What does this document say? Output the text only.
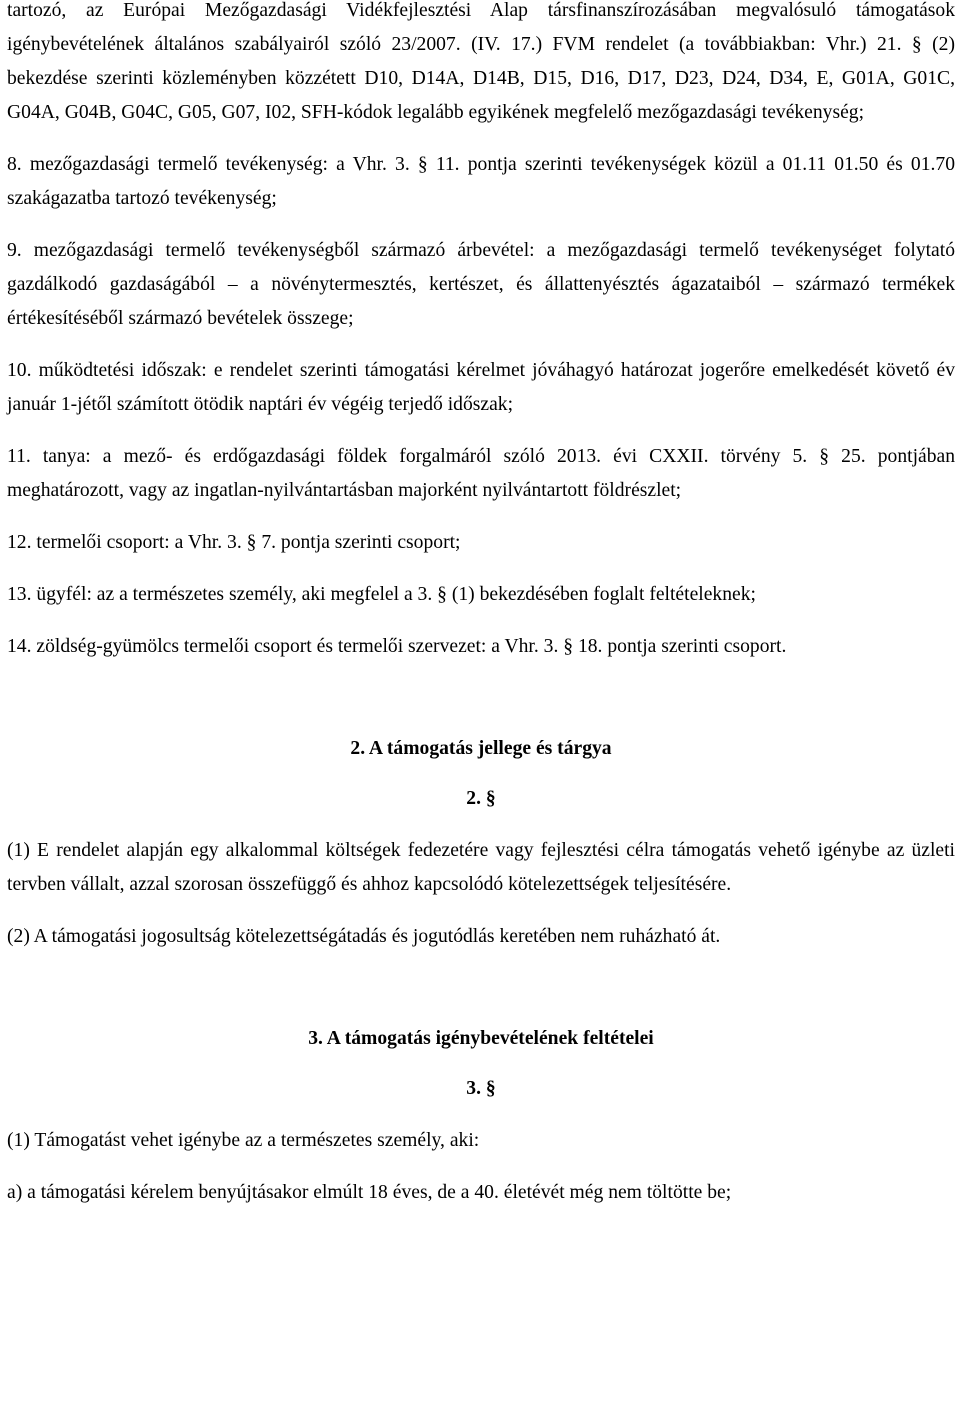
tartozó, az Európai Mezőgazdasági Vidékfejlesztési Alap társfinanszírozásában megvalósuló támogatások igénybevételének általános szabályairól szóló 23/2007. (IV. 17.) FVM rendelet (a továbbiakban: Vhr.) 21. § (2) bekezdése szerinti közleményben közzétett D10, D14A, D14B, D15, D16, D17, D23, D24, D34, E, G01A, G01C, G04A, G04B, G04C, G05, G07, I02, SFH-kódok legalább egyikének megfelelő mezőgazdasági tevékenység;

8. mezőgazdasági termelő tevékenység: a Vhr. 3. § 11. pontja szerinti tevékenységek közül a 01.11 01.50 és 01.70 szakágazatba tartozó tevékenység;

9. mezőgazdasági termelő tevékenységből származó árbevétel: a mezőgazdasági termelő tevékenységet folytató gazdálkodó gazdaságából – a növénytermesztés, kertészet, és állattenyésztés ágazataiból – származó termékek értékesítéséből származó bevételek összege;

10. működtetési időszak: e rendelet szerinti támogatási kérelmet jóváhagyó határozat jogerőre emelkedését követő év január 1-jétől számított ötödik naptári év végéig terjedő időszak;

11. tanya: a mező- és erdőgazdasági földek forgalmáról szóló 2013. évi CXXII. törvény 5. § 25. pontjában meghatározott, vagy az ingatlan-nyilvántartásban majorként nyilvántartott földrészlet;

12. termelői csoport: a Vhr. 3. § 7. pontja szerinti csoport;

13. ügyfél: az a természetes személy, aki megfelel a 3. § (1) bekezdésében foglalt feltételeknek;

14. zöldség-gyümölcs termelői csoport és termelői szervezet: a Vhr. 3. § 18. pontja szerinti csoport.

2. A támogatás jellege és tárgya

2. §

(1) E rendelet alapján egy alkalommal költségek fedezetére vagy fejlesztési célra támogatás vehető igénybe az üzleti tervben vállalt, azzal szorosan összefüggő és ahhoz kapcsolódó kötelezettségek teljesítésére.

(2) A támogatási jogosultság kötelezettségátadás és jogutódlás keretében nem ruházható át.

3. A támogatás igénybevételének feltételei

3. §

(1) Támogatást vehet igénybe az a természetes személy, aki:

a) a támogatási kérelem benyújtásakor elmúlt 18 éves, de a 40. életévét még nem töltötte be;
